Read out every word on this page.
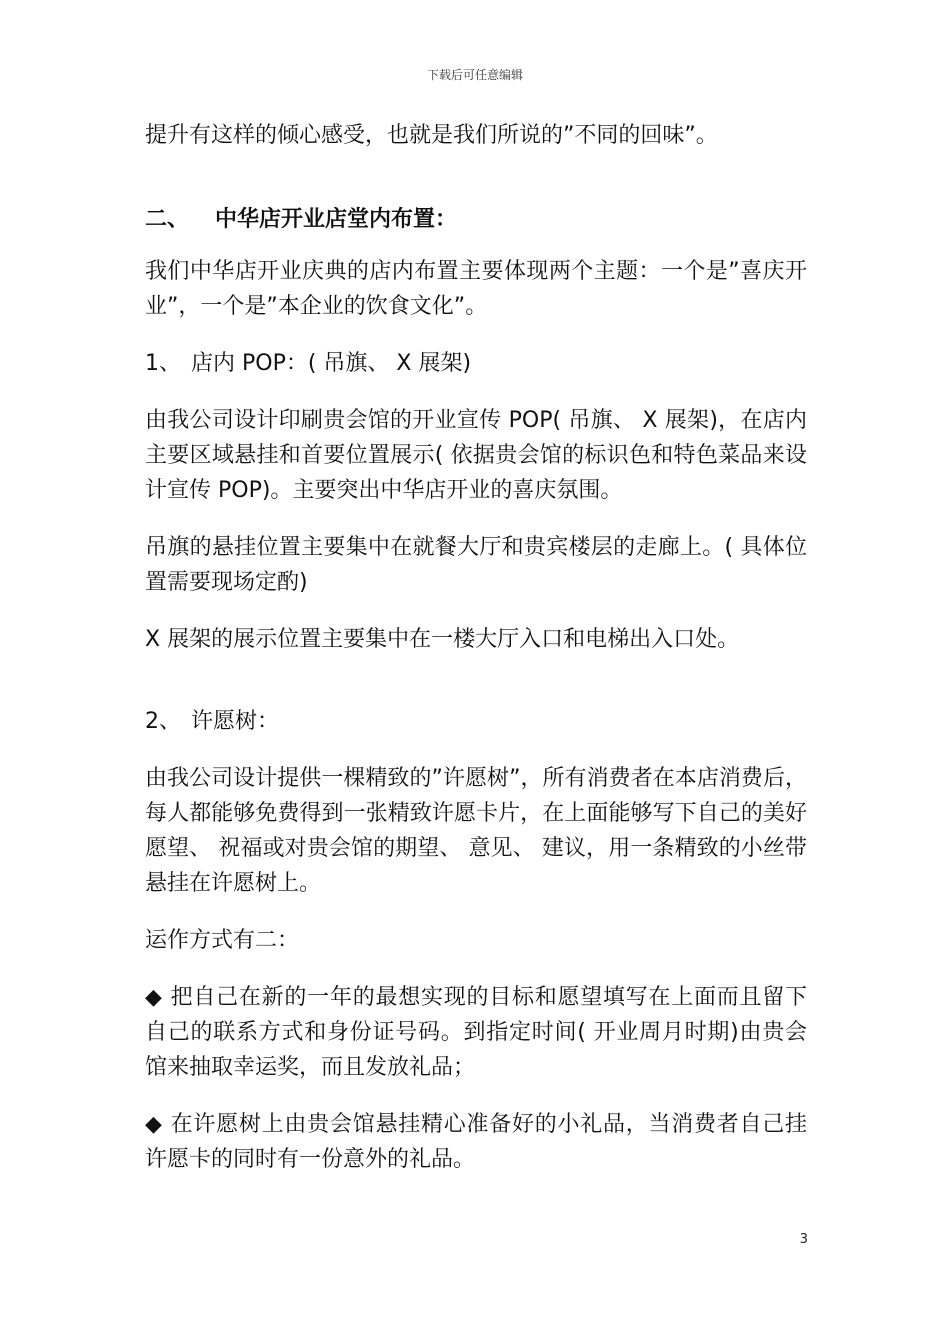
下载后可任意编辑

提升有这样的倾心感受，也就是我们所说的”不同的回味”。

二、 中华店开业店堂内布置：

我们中华店开业庆典的店内布置主要体现两个主题：一个是”喜庆开业”，一个是”本企业的饮食文化”。

1、 店内 POP：( 吊旗、 X 展架)

由我公司设计印刷贵会馆的开业宣传 POP( 吊旗、 X 展架)，在店内主要区域悬挂和首要位置展示( 依据贵会馆的标识色和特色菜品来设计宣传 POP)。主要突出中华店开业的喜庆氛围。

吊旗的悬挂位置主要集中在就餐大厅和贵宾楼层的走廊上。( 具体位置需要现场定酌)

X 展架的展示位置主要集中在一楼大厅入口和电梯出入口处。

2、 许愿树：

由我公司设计提供一棵精致的”许愿树”，所有消费者在本店消费后，每人都能够免费得到一张精致许愿卡片，在上面能够写下自己的美好愿望、 祝福或对贵会馆的期望、 意见、 建议，用一条精致的小丝带悬挂在许愿树上。

运作方式有二：

◆ 把自己在新的一年的最想实现的目标和愿望填写在上面而且留下自己的联系方式和身份证号码。到指定时间( 开业周月时期)由贵会馆来抽取幸运奖，而且发放礼品；

◆ 在许愿树上由贵会馆悬挂精心准备好的小礼品，当消费者自己挂许愿卡的同时有一份意外的礼品。

3
